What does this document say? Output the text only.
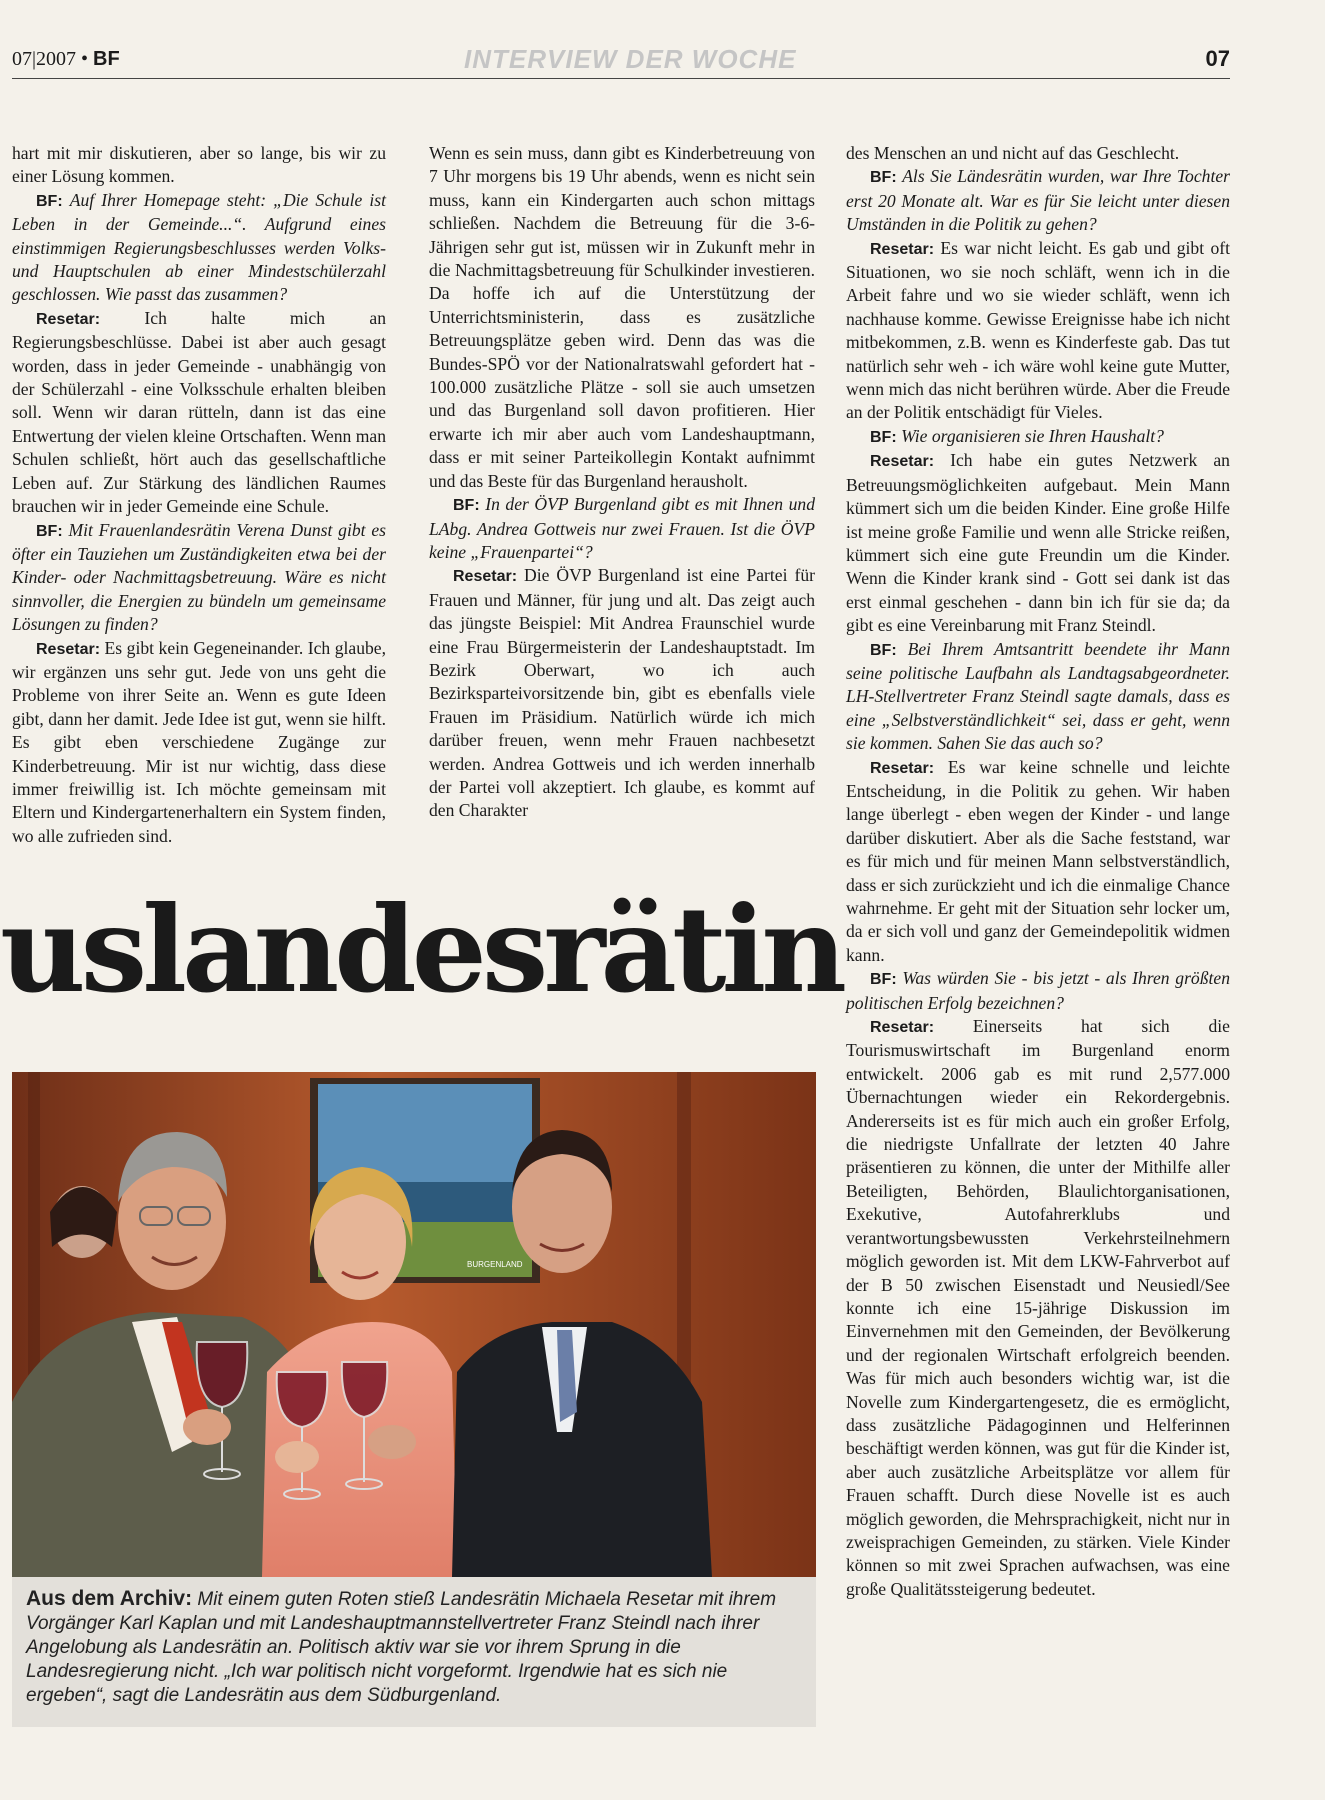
07|2007 • BF	INTERVIEW DER WOCHE	07

hart mit mir diskutieren, aber so lange, bis wir zu einer Lösung kommen.

BF: Auf Ihrer Homepage steht: „Die Schule ist Leben in der Gemeinde...“. Aufgrund eines einstimmigen Regierungsbeschlusses werden Volks- und Hauptschulen ab einer Mindestschülerzahl geschlossen. Wie passt das zusammen?

Resetar:	Ich halte mich an Regierungsbeschlüsse. Dabei ist aber auch gesagt worden, dass in jeder Gemeinde - unabhängig von der Schülerzahl - eine Volksschule erhalten bleiben soll. Wenn wir daran rütteln, dann ist das eine Entwertung der vielen kleine Ortschaften. Wenn man Schulen schließt, hört auch das gesellschaftliche Leben auf. Zur Stärkung des ländlichen Raumes brauchen wir in jeder Gemeinde eine Schule.

BF: Mit Frauenlandesrätin Verena Dunst gibt es öfter ein Tauziehen um Zuständigkeiten etwa bei der Kinder- oder Nachmittagsbetreuung. Wäre es nicht sinnvoller, die Energien zu bündeln um gemeinsame Lösungen zu finden?

Resetar: Es gibt kein Gegeneinander. Ich glaube, wir ergänzen uns sehr gut. Jede von uns geht die Probleme von ihrer Seite an. Wenn es gute Ideen gibt, dann her damit. Jede Idee ist gut, wenn sie hilft. Es gibt eben verschiedene Zugänge zur Kinderbetreuung. Mir ist nur wichtig, dass diese immer freiwillig ist. Ich möchte gemeinsam mit Eltern und Kindergartenerhaltern ein System finden, wo alle zufrieden sind.

Wenn es sein muss, dann gibt es Kinderbetreuung von 7 Uhr morgens bis 19 Uhr abends, wenn es nicht sein muss, kann ein Kindergarten auch schon mittags schließen. Nachdem die Betreuung für die 3-6-Jährigen sehr gut ist, müssen wir in Zukunft mehr in die Nachmittagsbetreuung für Schulkinder investieren. Da hoffe ich auf die Unterstützung der Unterrichtsministerin, dass es zusätzliche Betreuungsplätze geben wird. Denn das was die Bundes-SPÖ vor der Nationalratswahl gefordert hat - 100.000 zusätzliche Plätze - soll sie auch umsetzen und das Burgenland soll davon profitieren. Hier erwarte ich mir aber auch vom Landeshauptmann, dass er mit seiner Parteikollegin Kontakt aufnimmt und das Beste für das Burgenland herausholt.

BF: In der ÖVP Burgenland gibt es mit Ihnen und LAbg. Andrea Gottweis nur zwei Frauen. Ist die ÖVP keine „Frauenpartei“?

Resetar: Die ÖVP Burgenland ist eine Partei für Frauen und Männer, für jung und alt. Das zeigt auch das jüngste Beispiel: Mit Andrea Fraunschiel wurde eine Frau Bürgermeisterin der Landeshauptstadt. Im Bezirk Oberwart, wo ich auch Bezirksparteivorsitzende bin, gibt es ebenfalls viele Frauen im Präsidium. Natürlich würde ich mich darüber freuen, wenn mehr Frauen nachbesetzt werden. Andrea Gottweis und ich werden innerhalb der Partei voll akzeptiert. Ich glaube, es kommt auf den Charakter

des Menschen an und nicht auf das Geschlecht.

BF: Als Sie Ländesrätin wurden, war Ihre Tochter erst 20 Monate alt. War es für Sie leicht unter diesen Umständen in die Politik zu gehen?

Resetar: Es war nicht leicht. Es gab und gibt oft Situationen, wo sie noch schläft, wenn ich in die Arbeit fahre und wo sie wieder schläft, wenn ich nachhause komme. Gewisse Ereignisse habe ich nicht mitbekommen, z.B. wenn es Kinderfeste gab. Das tut natürlich sehr weh - ich wäre wohl keine gute Mutter, wenn mich das nicht berühren würde. Aber die Freude an der Politik entschädigt für Vieles.

BF: Wie organisieren sie Ihren Haushalt?

Resetar: Ich habe ein gutes Netzwerk an Betreuungsmöglichkeiten aufgebaut. Mein Mann kümmert sich um die beiden Kinder. Eine große Hilfe ist meine große Familie und wenn alle Stricke reißen, kümmert sich eine gute Freundin um die Kinder. Wenn die Kinder krank sind - Gott sei dank ist das erst einmal geschehen - dann bin ich für sie da; da gibt es eine Vereinbarung mit Franz Steindl.

BF: Bei Ihrem Amtsantritt beendete ihr Mann seine politische Laufbahn als Landtagsabgeordneter. LH-Stellvertreter Franz Steindl sagte damals, dass es eine „Selbstverständlichkeit“ sei, dass er geht, wenn sie kommen. Sahen Sie das auch so?

Resetar: Es war keine schnelle und leichte Entscheidung, in die Politik zu gehen. Wir haben lange überlegt - eben wegen der Kinder - und lange darüber diskutiert. Aber als die Sache feststand, war es für mich und für meinen Mann selbstverständlich, dass er sich zurückzieht und ich die einmalige Chance wahrnehme. Er geht mit der Situation sehr locker um, da er sich voll und ganz der Gemeindepolitik widmen kann.

BF: Was würden Sie - bis jetzt - als Ihren größten politischen Erfolg bezeichnen?

Resetar: Einerseits hat sich die Tourismuswirtschaft im Burgenland enorm entwickelt. 2006 gab es mit rund 2,577.000 Übernachtungen wieder ein Rekordergebnis. Andererseits ist es für mich auch ein großer Erfolg, die niedrigste Unfallrate der letzten 40 Jahre präsentieren zu können, die unter der Mithilfe aller Beteiligten, Behörden, Blaulichtorganisationen, Exekutive, Autofahrerklubs und verantwortungsbewussten Verkehrsteilnehmern möglich geworden ist. Mit dem LKW-Fahrverbot auf der B 50 zwischen Eisenstadt und Neusiedl/See konnte ich eine 15-jährige Diskussion im Einvernehmen mit den Gemeinden, der Bevölkerung und der regionalen Wirtschaft erfolgreich beenden. Was für mich auch besonders wichtig war, ist die Novelle zum Kindergartengesetz, die es ermöglicht, dass zusätzliche Pädagoginnen und Helferinnen beschäftigt werden können, was gut für die Kinder ist, aber auch zusätzliche Arbeitsplätze vor allem für Frauen schafft. Durch diese Novelle ist es auch möglich geworden, die Mehrsprachigkeit, nicht nur in zweisprachigen Gemeinden, zu stärken. Viele Kinder können so mit zwei Sprachen aufwachsen, was eine große Qualitätssteigerung bedeutet.

uslandesrätin
BURGENLAND
Aus dem Archiv: Mit einem guten Roten stieß Landesrätin Michaela Resetar mit ihrem Vorgänger Karl Kaplan und mit Landeshauptmannstellvertreter Franz Steindl nach ihrer Angelobung als Landesrätin an. Politisch aktiv war sie vor ihrem Sprung in die Landesregierung nicht. „Ich war politisch nicht vorgeformt. Irgendwie hat es sich nie ergeben“, sagt die Landesrätin aus dem Südburgenland.
